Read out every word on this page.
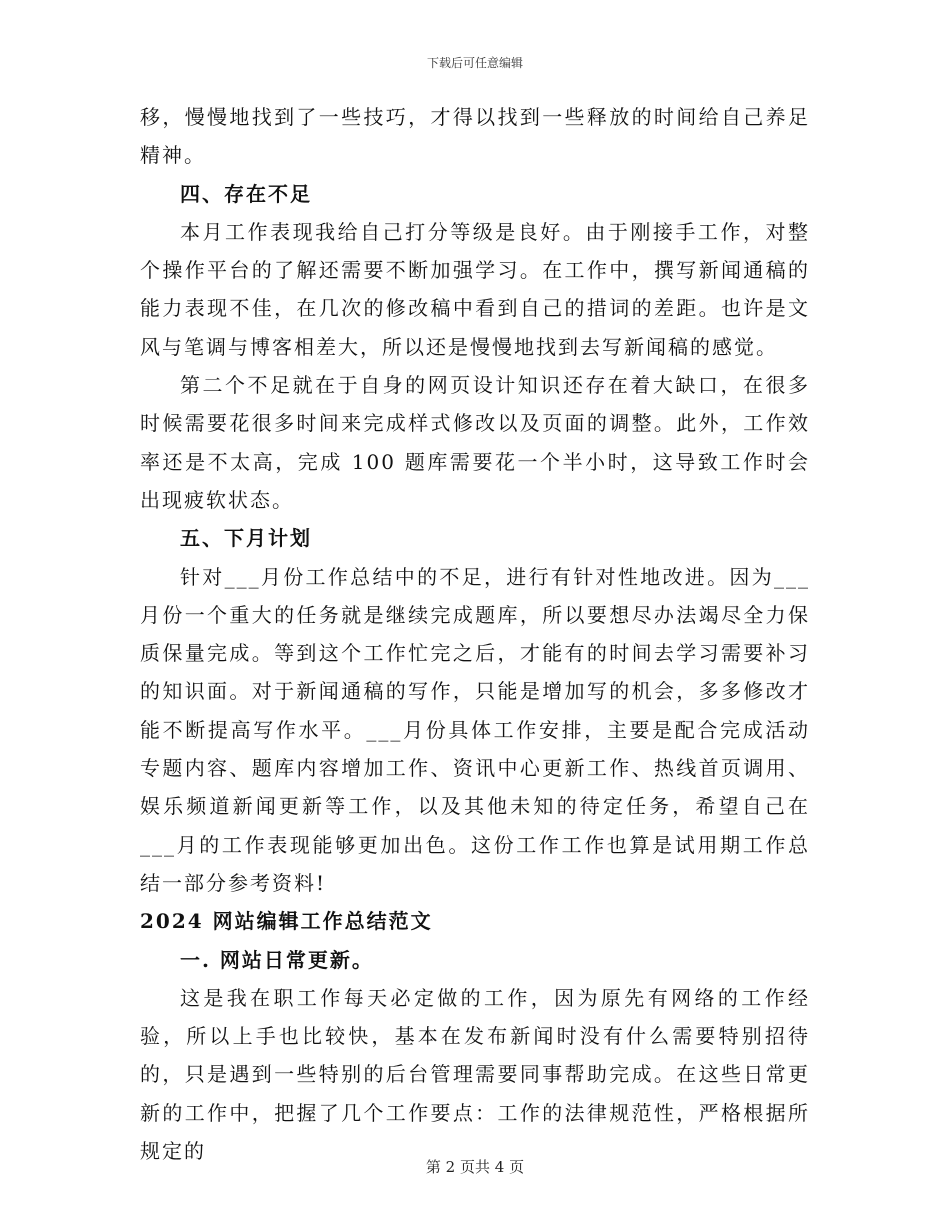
下载后可任意编辑

移，慢慢地找到了一些技巧，才得以找到一些释放的时间给自己养足精神。

四、存在不足

本月工作表现我给自己打分等级是良好。由于刚接手工作，对整个操作平台的了解还需要不断加强学习。在工作中，撰写新闻通稿的能力表现不佳，在几次的修改稿中看到自己的措词的差距。也许是文风与笔调与博客相差大，所以还是慢慢地找到去写新闻稿的感觉。

第二个不足就在于自身的网页设计知识还存在着大缺口，在很多时候需要花很多时间来完成样式修改以及页面的调整。此外，工作效率还是不太高，完成 100 题库需要花一个半小时，这导致工作时会出现疲软状态。

五、下月计划

针对___月份工作总结中的不足，进行有针对性地改进。因为___月份一个重大的任务就是继续完成题库，所以要想尽办法竭尽全力保质保量完成。等到这个工作忙完之后，才能有的时间去学习需要补习的知识面。对于新闻通稿的写作，只能是增加写的机会，多多修改才能不断提高写作水平。___月份具体工作安排，主要是配合完成活动专题内容、题库内容增加工作、资讯中心更新工作、热线首页调用、娱乐频道新闻更新等工作，以及其他未知的待定任务，希望自己在___月的工作表现能够更加出色。这份工作工作也算是试用期工作总结一部分参考资料!

2024 网站编辑工作总结范文

一. 网站日常更新。

这是我在职工作每天必定做的工作，因为原先有网络的工作经验，所以上手也比较快，基本在发布新闻时没有什么需要特别招待的，只是遇到一些特别的后台管理需要同事帮助完成。在这些日常更新的工作中，把握了几个工作要点：工作的法律规范性，严格根据所规定的

第 2 页共 4 页
